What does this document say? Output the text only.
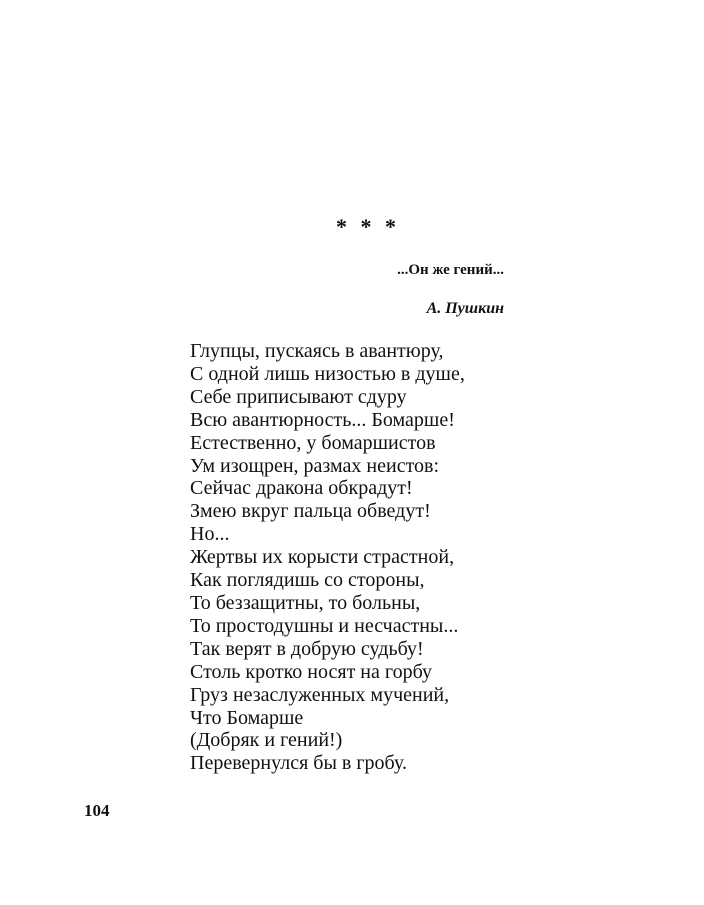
* * *
...Он же гений...
А. Пушкин
Глупцы, пускаясь в авантюру,
С одной лишь низостью в душе,
Себе приписывают сдуру
Всю авантюрность... Бомарше!
Естественно, у бомаршистов
Ум изощрен, размах неистов:
Сейчас дракона обкрадут!
Змею вкруг пальца обведут!
Но...
Жертвы их корысти страстной,
Как поглядишь со стороны,
То беззащитны, то больны,
То простодушны и несчастны...
Так верят в добрую судьбу!
Столь кротко носят на горбу
Груз незаслуженных мучений,
Что Бомарше
(Добряк и гений!)
Перевернулся бы в гробу.
104
